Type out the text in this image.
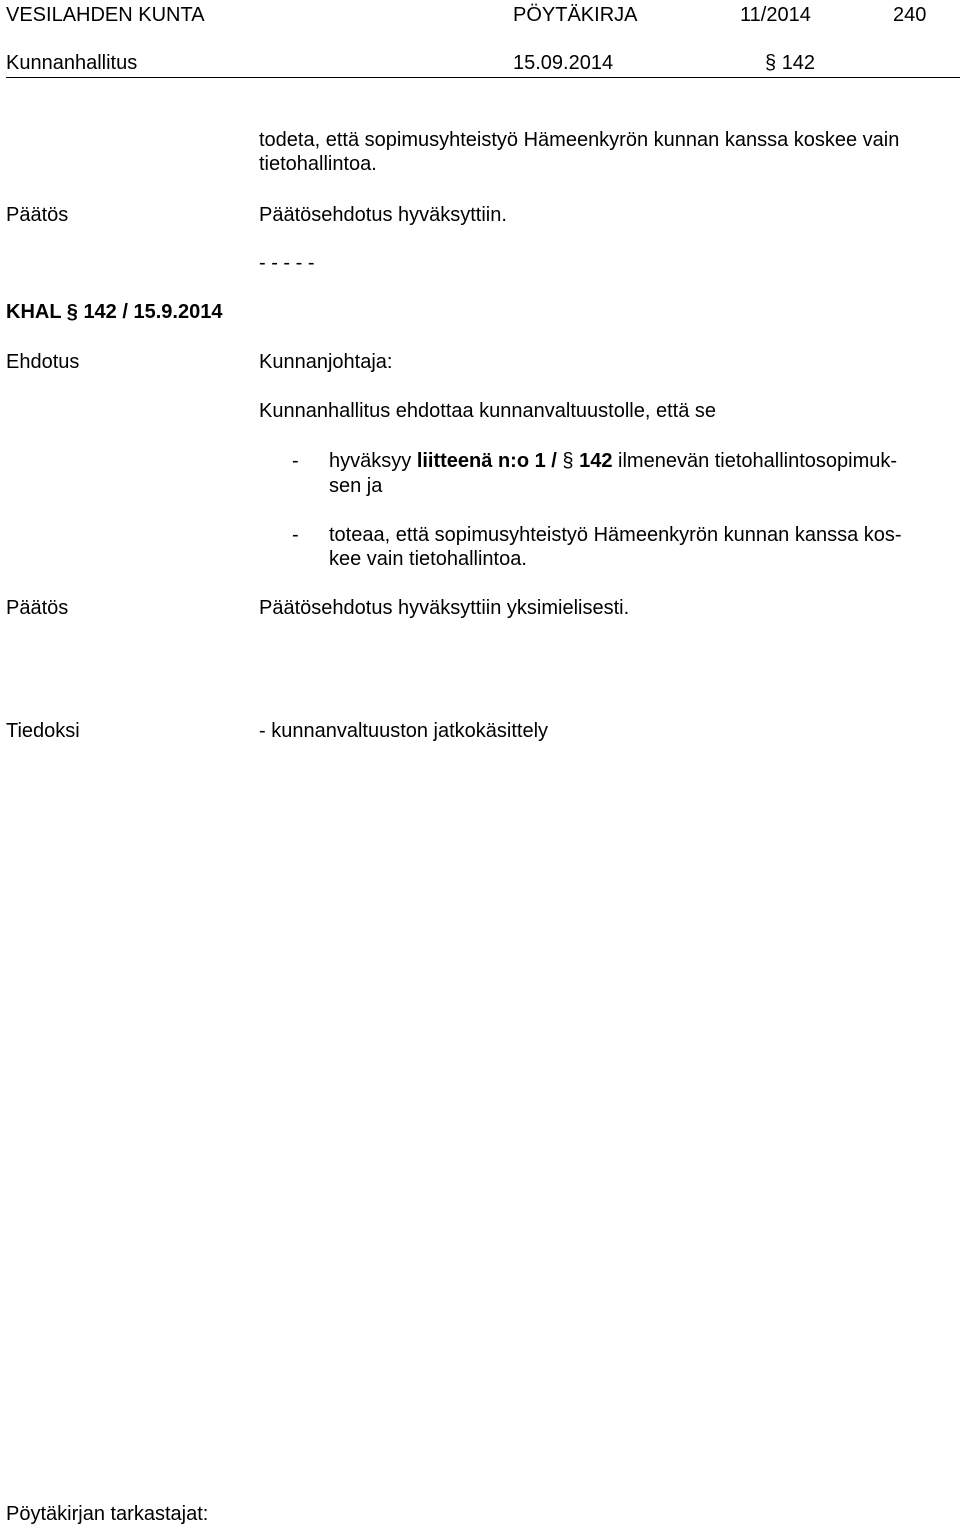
VESILAHDEN KUNTA	PÖYTÄKIRJA	11/2014	240
Kunnanhallitus	15.09.2014	§ 142
todeta, että sopimusyhteistyö Hämeenkyrön kunnan kanssa koskee vain
tietohallintoa.
Päätös	Päätösehdotus hyväksyttiin.
- - - - -
KHAL § 142 / 15.9.2014
Ehdotus	Kunnanjohtaja:
Kunnanhallitus ehdottaa kunnanvaltuustolle, että se
- hyväksyy liitteenä n:o 1 / § 142 ilmenevän tietohallintosopimuk-
sen ja
- toteaa, että sopimusyhteistyö Hämeenkyrön kunnan kanssa kos-
kee vain tietohallintoa.
Päätös	Päätösehdotus hyväksyttiin yksimielisesti.
Tiedoksi	- kunnanvaltuuston jatkokäsittely
Pöytäkirjan tarkastajat:
